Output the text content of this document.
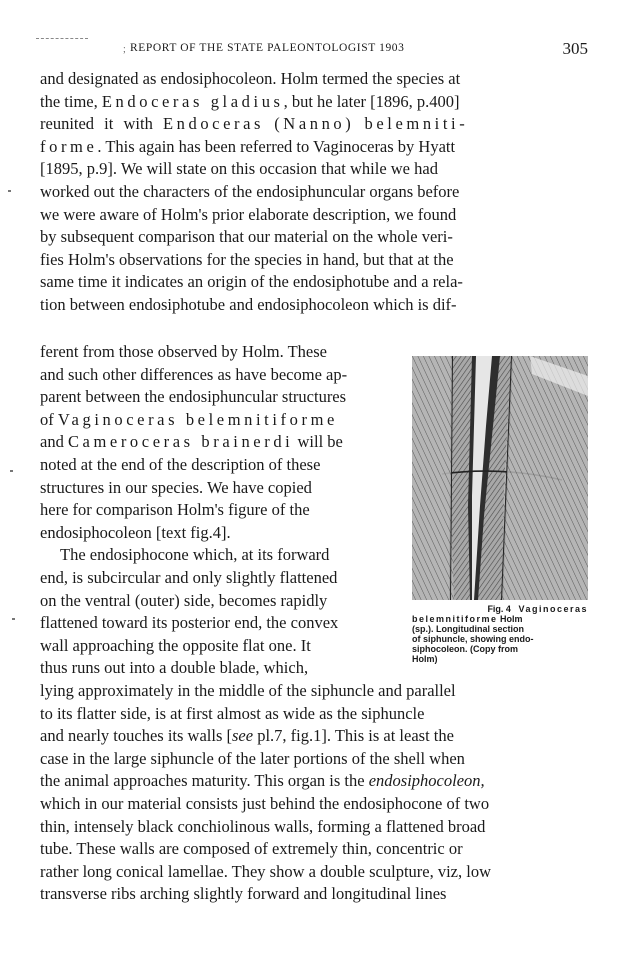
; REPORT OF THE STATE PALEONTOLOGIST 1903	305
and designated as endosiphocoleon. Holm termed the species at
the time, Endoceras gladius, but he later [1896, p.400]
reunited it with Endoceras (Nanno) belemniti-
forme. This again has been referred to Vaginoceras by Hyatt
[1895, p.9]. We will state on this occasion that while we had
worked out the characters of the endosiphuncular organs before
we were aware of Holm's prior elaborate description, we found
by subsequent comparison that our material on the whole veri-
fies Holm's observations for the species in hand, but that at the
same time it indicates an origin of the endosiphotube and a rela-
tion between endosiphotube and endosiphocoleon which is dif-
ferent from those observed by Holm. These
and such other differences as have become ap-
parent between the endosiphuncular structures
of Vaginoceras belemnitiforme
and Cameroceras brainerdi will be
noted at the end of the description of these
structures in our species. We have copied
here for comparison Holm's figure of the
endosiphocoleon [text fig.4].
The endosiphocone which, at its forward
end, is subcircular and only slightly flattened
on the ventral (outer) side, becomes rapidly
flattened toward its posterior end, the convex
wall approaching the opposite flat one. It
thus runs out into a double blade, which,
Fig. 4 Vaginoceras
belemnitiforme Holm
(sp.). Longitudinal section
of siphuncle, showing endo-
siphocoleon. (Copy from
Holm)
lying approximately in the middle of the siphuncle and parallel
to its flatter side, is at first almost as wide as the siphuncle
and nearly touches its walls [see pl.7, fig.1]. This is at least the
case in the large siphuncle of the later portions of the shell when
the animal approaches maturity. This organ is the endosiphocoleon,
which in our material consists just behind the endosiphocone of two
thin, intensely black conchiolinous walls, forming a flattened broad
tube. These walls are composed of extremely thin, concentric or
rather long conical lamellae. They show a double sculpture, viz, low
transverse ribs arching slightly forward and longitudinal lines
